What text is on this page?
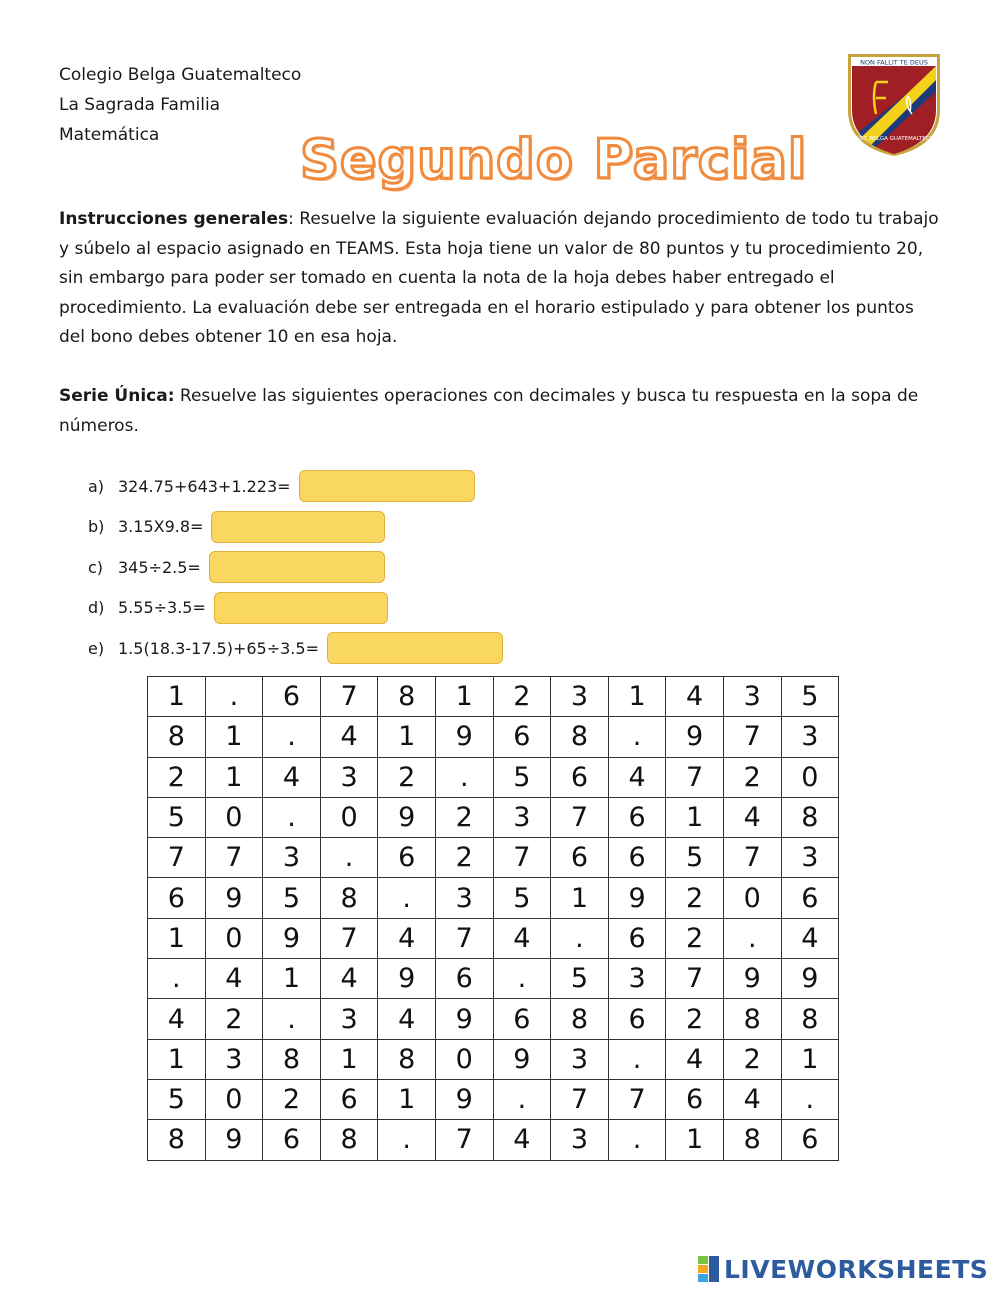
Colegio Belga Guatemalteco
La Sagrada Familia
Matemática
NON FALLIT TE DEUS
INST. BELGA GUATEMALTECO
Segundo Parcial
Instrucciones generales: Resuelve la siguiente evaluación dejando procedimiento de todo tu trabajo y súbelo al espacio asignado en TEAMS. Esta hoja tiene un valor de 80 puntos y tu procedimiento 20, sin embargo para poder ser tomado en cuenta la nota de la hoja debes haber entregado el procedimiento. La evaluación debe ser entregada en el horario estipulado y para obtener los puntos del bono debes obtener 10 en esa hoja.
Serie Única: Resuelve las siguientes operaciones con decimales y busca tu respuesta en la sopa de números.
a) 324.75+643+1.223=
b) 3.15X9.8=
c) 345÷2.5=
d) 5.55÷3.5=
e) 1.5(18.3-17.5)+65÷3.5=
1	.	6	7	8	1	2	3	1	4	3	5
8	1	.	4	1	9	6	8	.	9	7	3
2	1	4	3	2	.	5	6	4	7	2	0
5	0	.	0	9	2	3	7	6	1	4	8
7	7	3	.	6	2	7	6	6	5	7	3
6	9	5	8	.	3	5	1	9	2	0	6
1	0	9	7	4	7	4	.	6	2	.	4
.	4	1	4	9	6	.	5	3	7	9	9
4	2	.	3	4	9	6	8	6	2	8	8
1	3	8	1	8	0	9	3	.	4	2	1
5	0	2	6	1	9	.	7	7	6	4	.
8	9	6	8	.	7	4	3	.	1	8	6
LIVEWORKSHEETS
